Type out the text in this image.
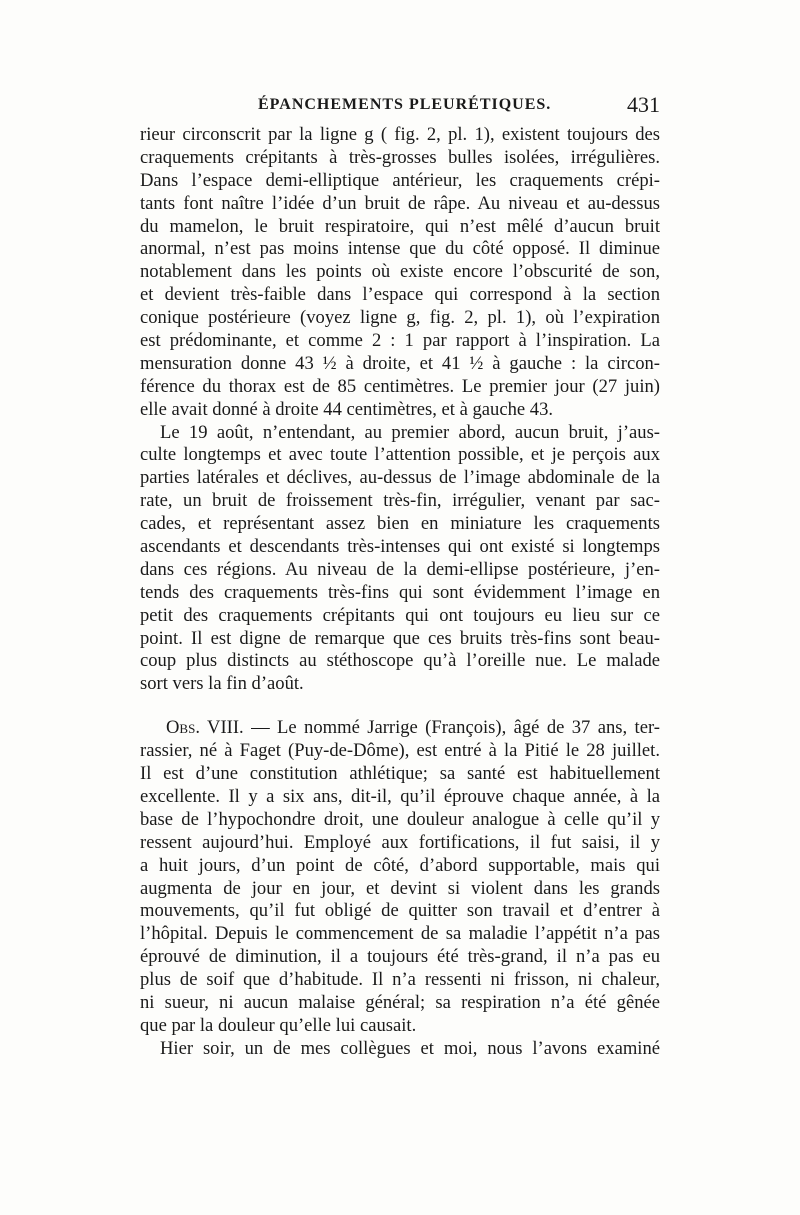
ÉPANCHEMENTS PLEURÉTIQUES.	431
rieur circonscrit par la ligne g ( fig. 2, pl. 1), existent toujours des
craquements crépitants à très-grosses bulles isolées, irrégulières.
Dans l’espace demi-elliptique antérieur, les craquements crépi-
tants font naître l’idée d’un bruit de râpe. Au niveau et au-dessus
du mamelon, le bruit respiratoire, qui n’est mêlé d’aucun bruit
anormal, n’est pas moins intense que du côté opposé. Il diminue
notablement dans les points où existe encore l’obscurité de son,
et devient très-faible dans l’espace qui correspond à la section
conique postérieure (voyez ligne g, fig. 2, pl. 1), où l’expiration
est prédominante, et comme 2 : 1 par rapport à l’inspiration. La
mensuration donne 43 ½ à droite, et 41 ½ à gauche : la circon-
férence du thorax est de 85 centimètres. Le premier jour (27 juin)
elle avait donné à droite 44 centimètres, et à gauche 43.
Le 19 août, n’entendant, au premier abord, aucun bruit, j’aus-
culte longtemps et avec toute l’attention possible, et je perçois aux
parties latérales et déclives, au-dessus de l’image abdominale de la
rate, un bruit de froissement très-fin, irrégulier, venant par sac-
cades, et représentant assez bien en miniature les craquements
ascendants et descendants très-intenses qui ont existé si longtemps
dans ces régions. Au niveau de la demi-ellipse postérieure, j’en-
tends des craquements très-fins qui sont évidemment l’image en
petit des craquements crépitants qui ont toujours eu lieu sur ce
point. Il est digne de remarque que ces bruits très-fins sont beau-
coup plus distincts au stéthoscope qu’à l’oreille nue. Le malade
sort vers la fin d’août.
Obs. VIII. — Le nommé Jarrige (François), âgé de 37 ans, ter-
rassier, né à Faget (Puy-de-Dôme), est entré à la Pitié le 28 juillet.
Il est d’une constitution athlétique; sa santé est habituellement
excellente. Il y a six ans, dit-il, qu’il éprouve chaque année, à la
base de l’hypochondre droit, une douleur analogue à celle qu’il y
ressent aujourd’hui. Employé aux fortifications, il fut saisi, il y
a huit jours, d’un point de côté, d’abord supportable, mais qui
augmenta de jour en jour, et devint si violent dans les grands
mouvements, qu’il fut obligé de quitter son travail et d’entrer à
l’hôpital. Depuis le commencement de sa maladie l’appétit n’a pas
éprouvé de diminution, il a toujours été très-grand, il n’a pas eu
plus de soif que d’habitude. Il n’a ressenti ni frisson, ni chaleur,
ni sueur, ni aucun malaise général; sa respiration n’a été gênée
que par la douleur qu’elle lui causait.
Hier soir, un de mes collègues et moi, nous l’avons examiné
